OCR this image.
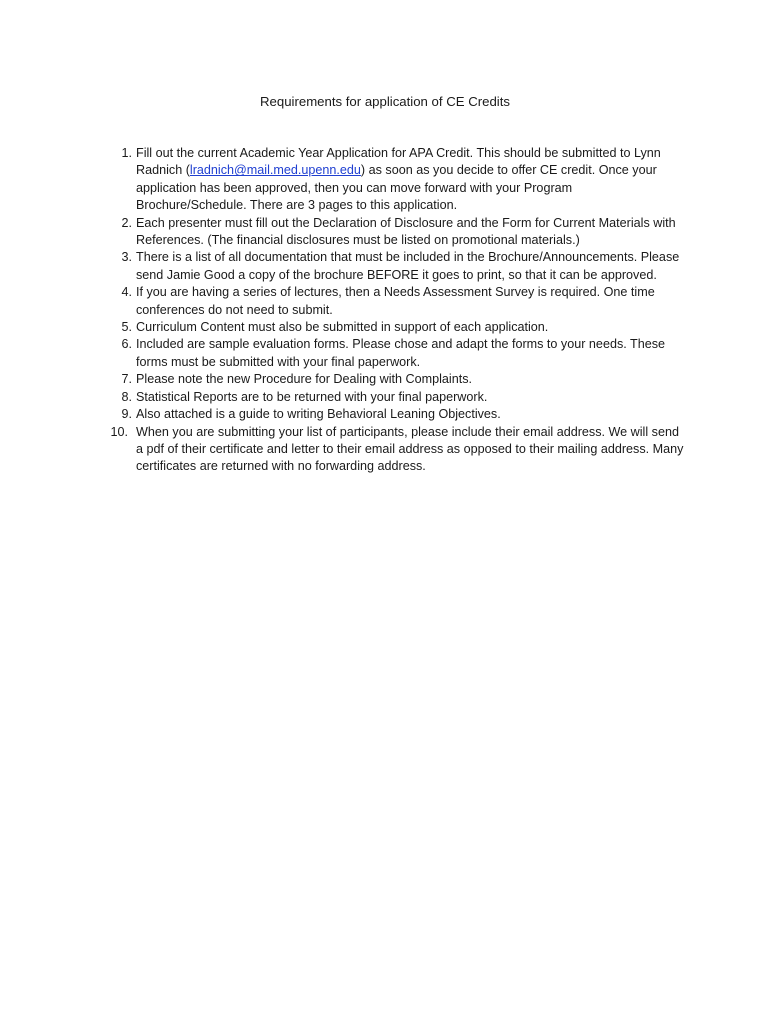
Requirements for application of CE Credits
1. Fill out the current Academic Year Application for APA Credit. This should be submitted to Lynn Radnich (lradnich@mail.med.upenn.edu) as soon as you decide to offer CE credit. Once your application has been approved, then you can move forward with your Program Brochure/Schedule. There are 3 pages to this application.
2. Each presenter must fill out the Declaration of Disclosure and the Form for Current Materials with References. (The financial disclosures must be listed on promotional materials.)
3. There is a list of all documentation that must be included in the Brochure/Announcements. Please send Jamie Good a copy of the brochure BEFORE it goes to print, so that it can be approved.
4. If you are having a series of lectures, then a Needs Assessment Survey is required. One time conferences do not need to submit.
5. Curriculum Content must also be submitted in support of each application.
6. Included are sample evaluation forms. Please chose and adapt the forms to your needs. These forms must be submitted with your final paperwork.
7. Please note the new Procedure for Dealing with Complaints.
8. Statistical Reports are to be returned with your final paperwork.
9. Also attached is a guide to writing Behavioral Leaning Objectives.
10. When you are submitting your list of participants, please include their email address. We will send a pdf of their certificate and letter to their email address as opposed to their mailing address. Many certificates are returned with no forwarding address.
